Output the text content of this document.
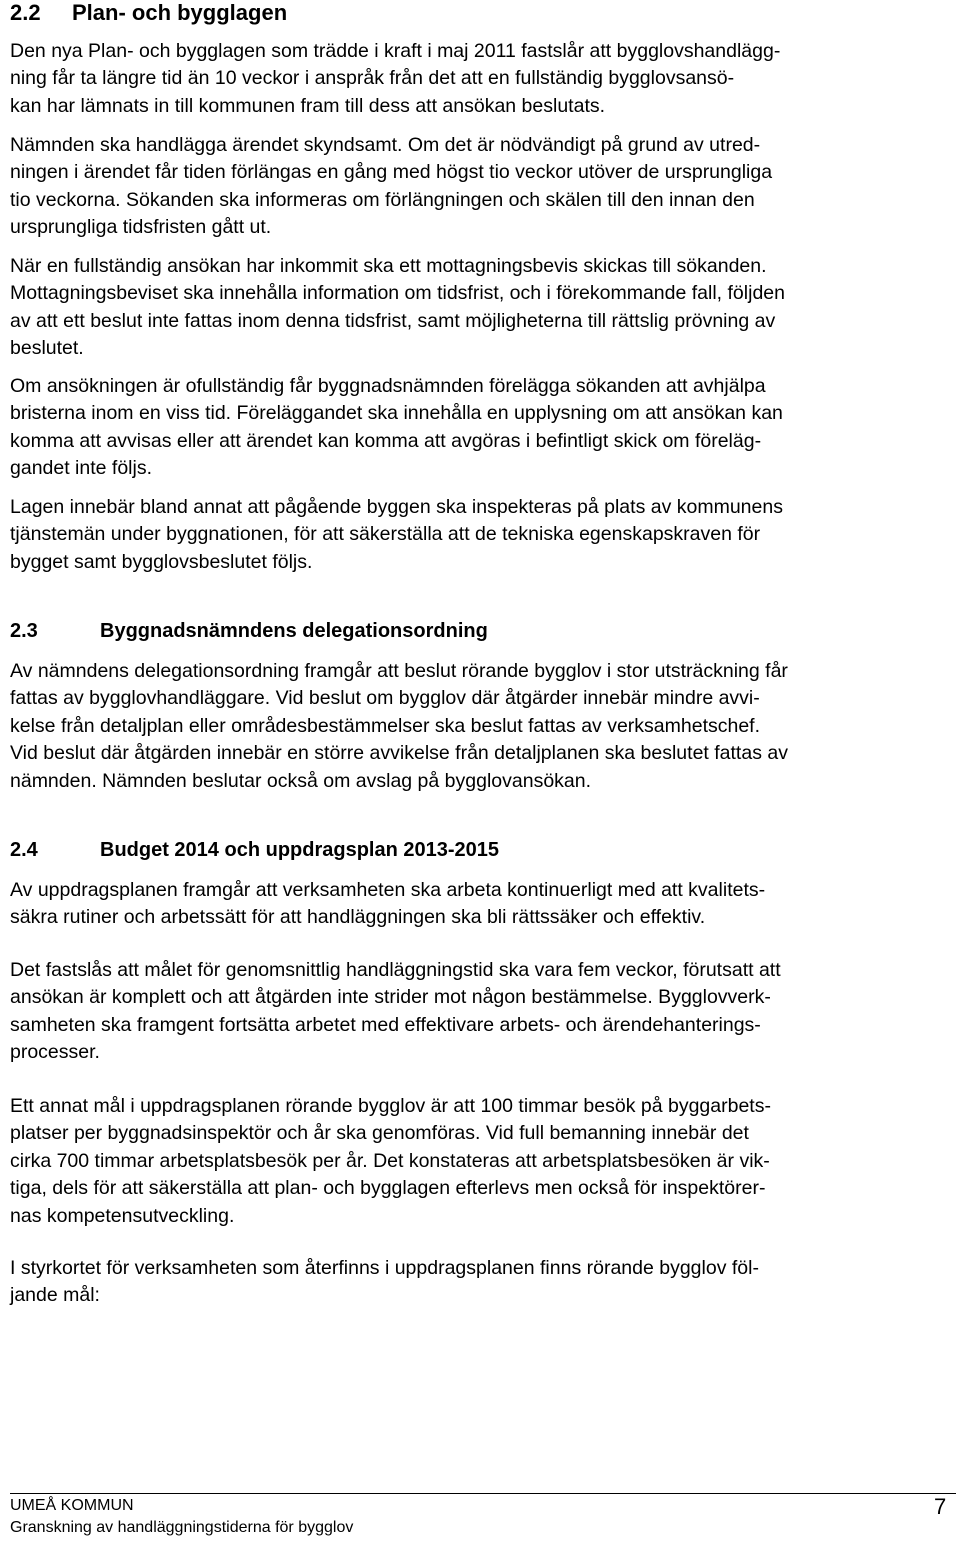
2.2 Plan- och bygglagen

Den nya Plan- och bygglagen som trädde i kraft i maj 2011 fastslår att bygglovshandlägg-
ning får ta längre tid än 10 veckor i anspråk från det att en fullständig bygglovsansö-
kan har lämnats in till kommunen fram till dess att ansökan beslutats.

Nämnden ska handlägga ärendet skyndsamt. Om det är nödvändigt på grund av utred-
ningen i ärendet får tiden förlängas en gång med högst tio veckor utöver de ursprungliga
tio veckorna. Sökanden ska informeras om förlängningen och skälen till den innan den
ursprungliga tidsfristen gått ut.

När en fullständig ansökan har inkommit ska ett mottagningsbevis skickas till sökanden.
Mottagningsbeviset ska innehålla information om tidsfrist, och i förekommande fall, följden
av att ett beslut inte fattas inom denna tidsfrist, samt möjligheterna till rättslig prövning av
beslutet.

Om ansökningen är ofullständig får byggnadsnämnden förelägga sökanden att avhjälpa
bristerna inom en viss tid. Föreläggandet ska innehålla en upplysning om att ansökan kan
komma att avvisas eller att ärendet kan komma att avgöras i befintligt skick om föreläg-
gandet inte följs.

Lagen innebär bland annat att pågående byggen ska inspekteras på plats av kommunens
tjänstemän under byggnationen, för att säkerställa att de tekniska egenskapskraven för
bygget samt bygglovsbeslutet följs.

2.3	Byggnadsnämndens delegationsordning

Av nämndens delegationsordning framgår att beslut rörande bygglov i stor utsträckning får
fattas av bygglovhandläggare. Vid beslut om bygglov där åtgärder innebär mindre avvi-
kelse från detaljplan eller områdesbestämmelser ska beslut fattas av verksamhetschef.
Vid beslut där åtgärden innebär en större avvikelse från detaljplanen ska beslutet fattas av
nämnden. Nämnden beslutar också om avslag på bygglovansökan.

2.4	Budget 2014 och uppdragsplan 2013-2015

Av uppdragsplanen framgår att verksamheten ska arbeta kontinuerligt med att kvalitets-
säkra rutiner och arbetssätt för att handläggningen ska bli rättssäker och effektiv.

Det fastslås att målet för genomsnittlig handläggningstid ska vara fem veckor, förutsatt att
ansökan är komplett och att åtgärden inte strider mot någon bestämmelse. Bygglovverk-
samheten ska framgent fortsätta arbetet med effektivare arbets- och ärendehanterings-
processer.

Ett annat mål i uppdragsplanen rörande bygglov är att 100 timmar besök på byggarbets-
platser per byggnadsinspektör och år ska genomföras. Vid full bemanning innebär det
cirka 700 timmar arbetsplatsbesök per år. Det konstateras att arbetsplatsbesöken är vik-
tiga, dels för att säkerställa att plan- och bygglagen efterlevs men också för inspektörer-
nas kompetensutveckling.

I styrkortet för verksamheten som återfinns i uppdragsplanen finns rörande bygglov föl-
jande mål:

UMEÅ KOMMUN
Granskning av handläggningstiderna för bygglov
7
